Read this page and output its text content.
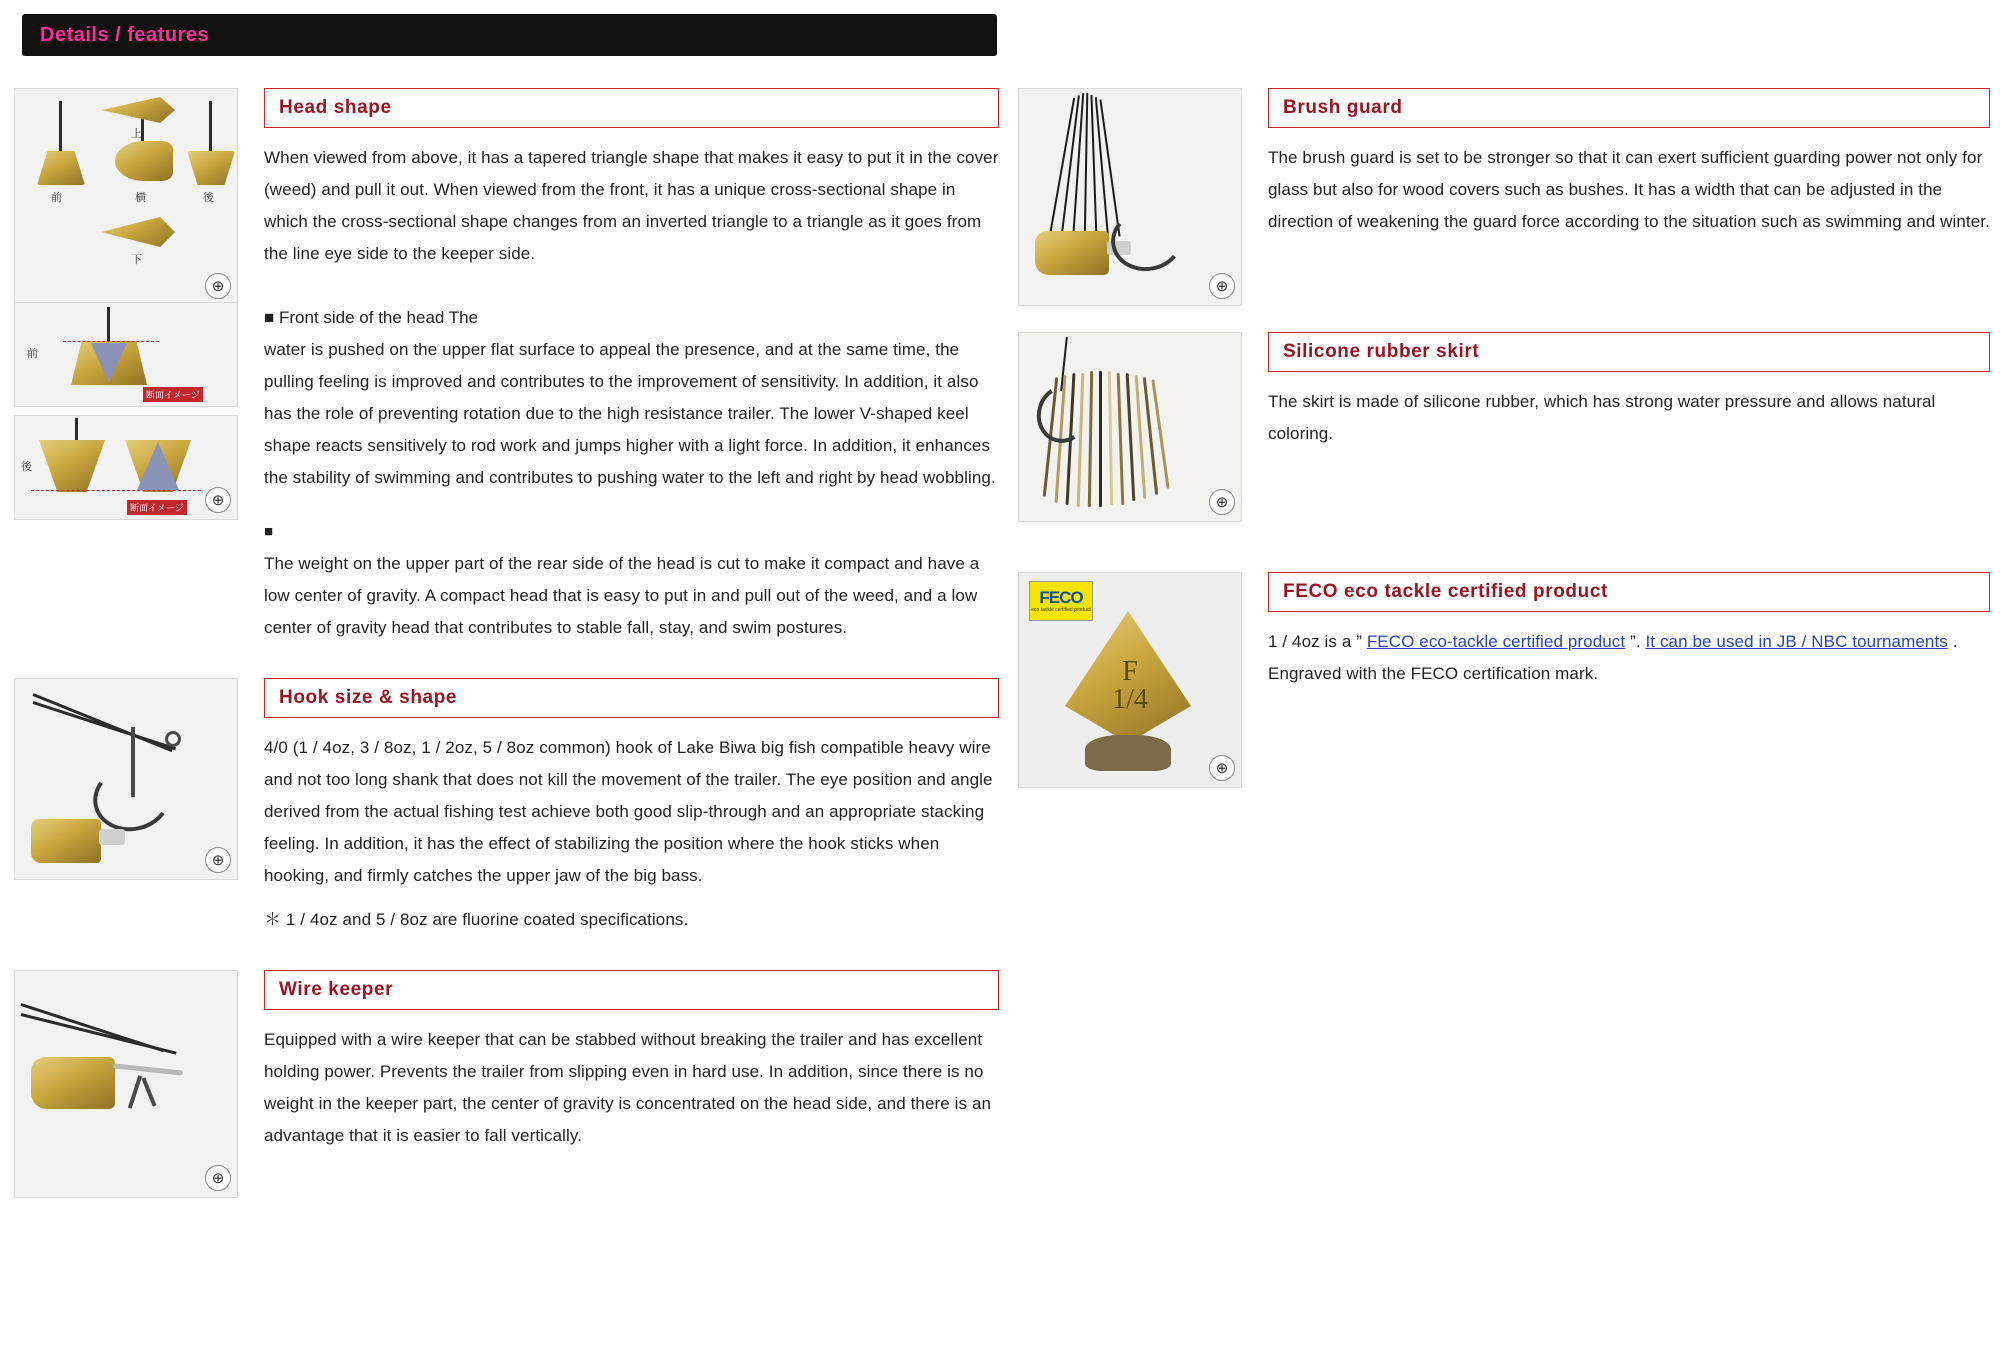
Details / features
前	横	後
上
下
⊕
Head shape

When viewed from above, it has a tapered triangle shape that makes it easy to put it in the cover (weed) and pull it out. When viewed from the front, it has a unique cross-sectional shape in which the cross-sectional shape changes from an inverted triangle to a triangle as it goes from the line eye side to the keeper side.

前
断面イメージ
後
断面イメージ	⊕

■ Front side of the head The

water is pushed on the upper flat surface to appeal the presence, and at the same time, the pulling feeling is improved and contributes to the improvement of sensitivity. In addition, it also has the role of preventing rotation due to the high resistance trailer. The lower V-shaped keel shape reacts sensitively to rod work and jumps higher with a light force. In addition, it enhances the stability of swimming and contributes to pushing water to the left and right by head wobbling.

■

The weight on the upper part of the rear side of the head is cut to make it compact and have a low center of gravity. A compact head that is easy to put in and pull out of the weed, and a low center of gravity head that contributes to stable fall, stay, and swim postures.

⊕
Hook size & shape

4/0 (1 / 4oz, 3 / 8oz, 1 / 2oz, 5 / 8oz common) hook of Lake Biwa big fish compatible heavy wire and not too long shank that does not kill the movement of the trailer. The eye position and angle derived from the actual fishing test achieve both good slip-through and an appropriate stacking feeling. In addition, it has the effect of stabilizing the position where the hook sticks when hooking, and firmly catches the upper jaw of the big bass.

＊ 1 / 4oz and 5 / 8oz are fluorine coated specifications.

⊕
Wire keeper

Equipped with a wire keeper that can be stabbed without breaking the trailer and has excellent holding power. Prevents the trailer from slipping even in hard use. In addition, since there is no weight in the keeper part, the center of gravity is concentrated on the head side, and there is an advantage that it is easier to fall vertically.

⊕
Brush guard

The brush guard is set to be stronger so that it can exert sufficient guarding power not only for glass but also for wood covers such as bushes. It has a width that can be adjusted in the direction of weakening the guard force according to the situation such as swimming and winter.

⊕
Silicone rubber skirt

The skirt is made of silicone rubber, which has strong water pressure and allows natural coloring.

FECO
eco tackle certified product
F
1/4
⊕
FECO eco tackle certified product

1 / 4oz is a ” FECO eco-tackle certified product ”. It can be used in JB / NBC tournaments . Engraved with the FECO certification mark.
